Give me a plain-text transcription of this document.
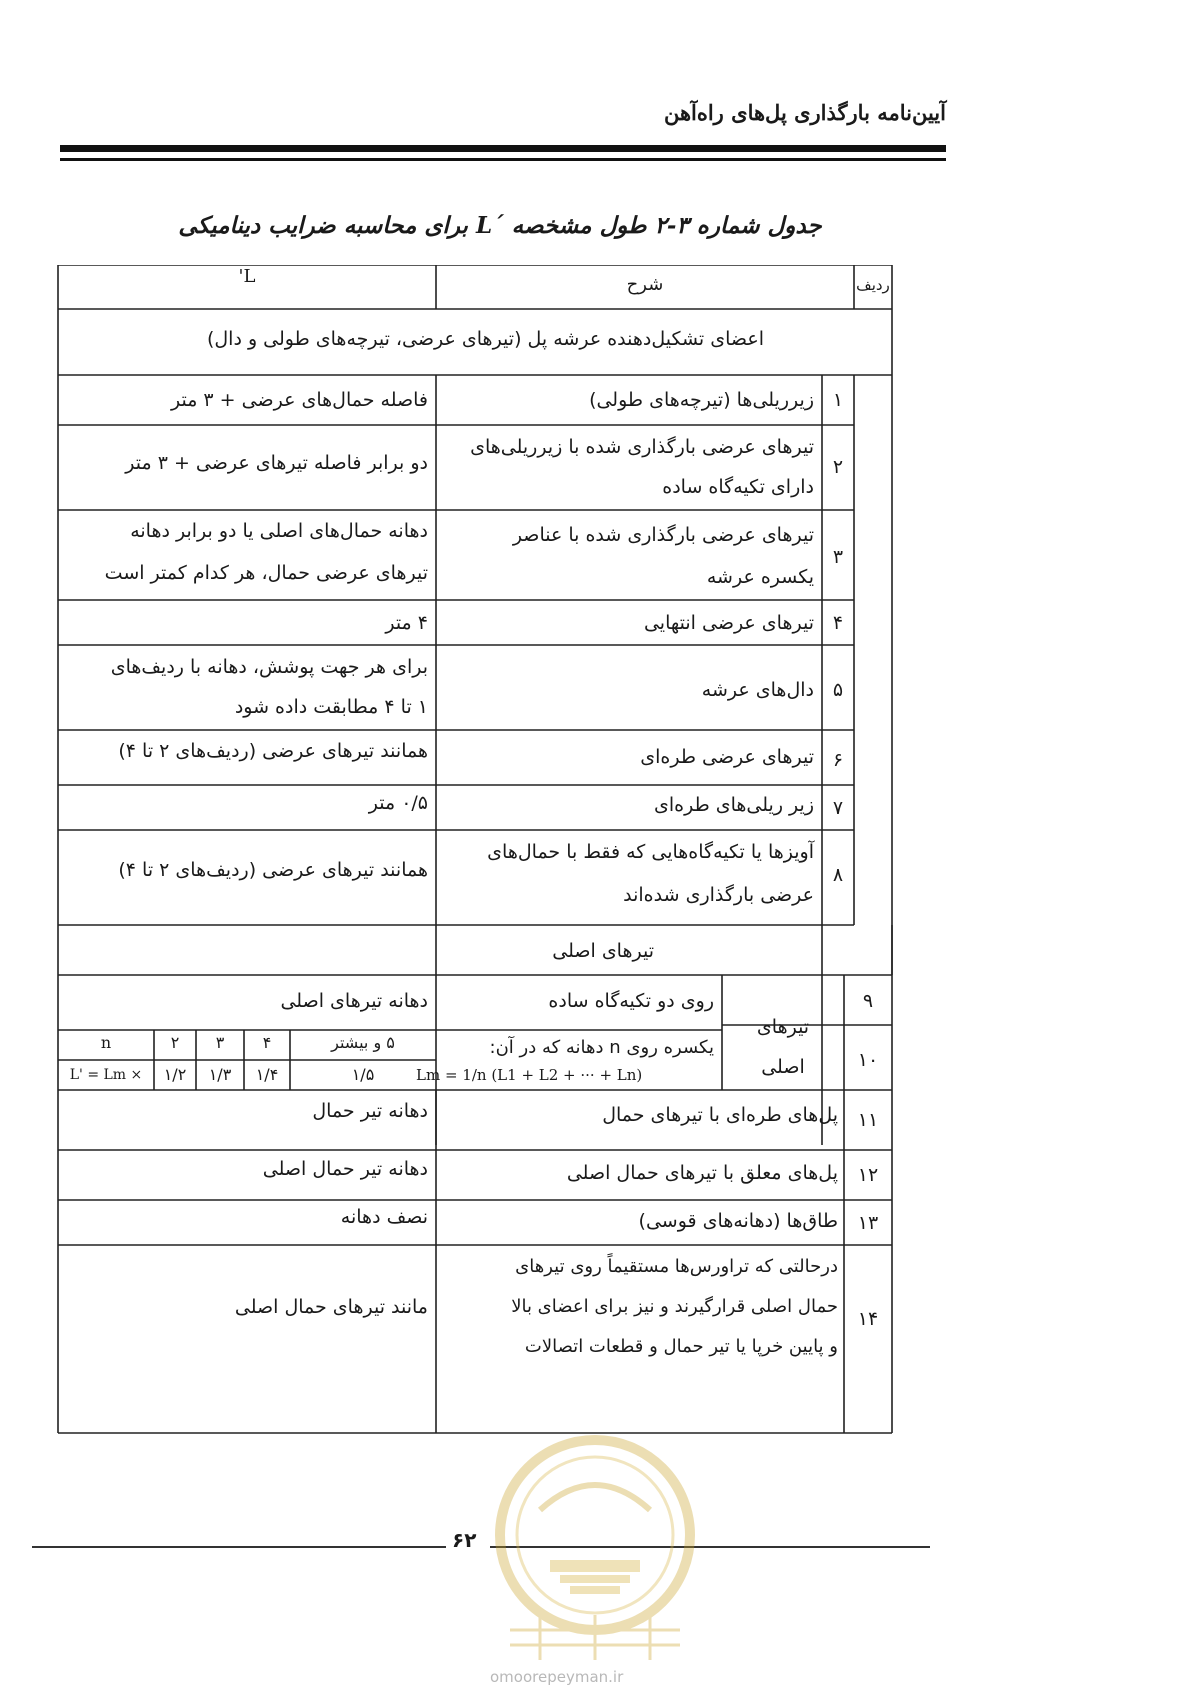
آیین‌نامه بارگذاری پل‌های راه‌آهن
جدول شماره ۳-۲ طول مشخصه ´L برای محاسبه ضرایب دینامیکی
ردیف
شرح
L'
اعضای تشکیل‌دهنده عرشه پل (تیرهای عرضی، تیرچه‌های طولی و دال)
۱
زیرریلی‌ها (تیرچه‌های طولی)
فاصله حمال‌های عرضی + ۳ متر
۲
تیرهای عرضی بارگذاری شده با زیرریلی‌های
دارای تکیه‌گاه ساده
دو برابر فاصله تیرهای عرضی + ۳ متر
۳
تیرهای عرضی بارگذاری شده با عناصر
یکسره عرشه
دهانه حمال‌های اصلی یا دو برابر دهانه
تیرهای عرضی حمال، هر کدام کمتر است
۴
تیرهای عرضی انتهایی
۴ متر
۵
دال‌های عرشه
برای هر جهت پوشش، دهانه با ردیف‌های
۱ تا ۴ مطابقت داده شود
۶
تیرهای عرضی طره‌ای
همانند تیرهای عرضی (ردیف‌های ۲ تا ۴)
۷
زیر ریلی‌های طره‌ای
۰/۵ متر
۸
آویزها یا تکیه‌گاه‌هایی که فقط با حمال‌های
عرضی بارگذاری شده‌اند
همانند تیرهای عرضی (ردیف‌های ۲ تا ۴)
تیرهای اصلی
تیرهای
اصلی
۹
روی دو تکیه‌گاه ساده
دهانه تیرهای اصلی
۱۰
یکسره روی n دهانه که در آن:
Lm = 1/n (L1 + L2 + ··· + Ln)
۵ و بیشتر
۴
۳
۲
n
۱/۵
۱/۴
۱/۳
۱/۲
L' = Lm ×
۱۱
پل‌های طره‌ای با تیرهای حمال
دهانه تیر حمال
۱۲
پل‌های معلق با تیرهای حمال اصلی
دهانه تیر حمال اصلی
۱۳
طاق‌ها (دهانه‌های قوسی)
نصف دهانه
۱۴
درحالتی که تراورس‌ها مستقیماً روی تیرهای
حمال اصلی قرارگیرند و نیز برای اعضای بالا
و پایین خرپا یا تیر حمال و قطعات اتصالات
مانند تیرهای حمال اصلی
۶۲
omoorepeyman.ir
